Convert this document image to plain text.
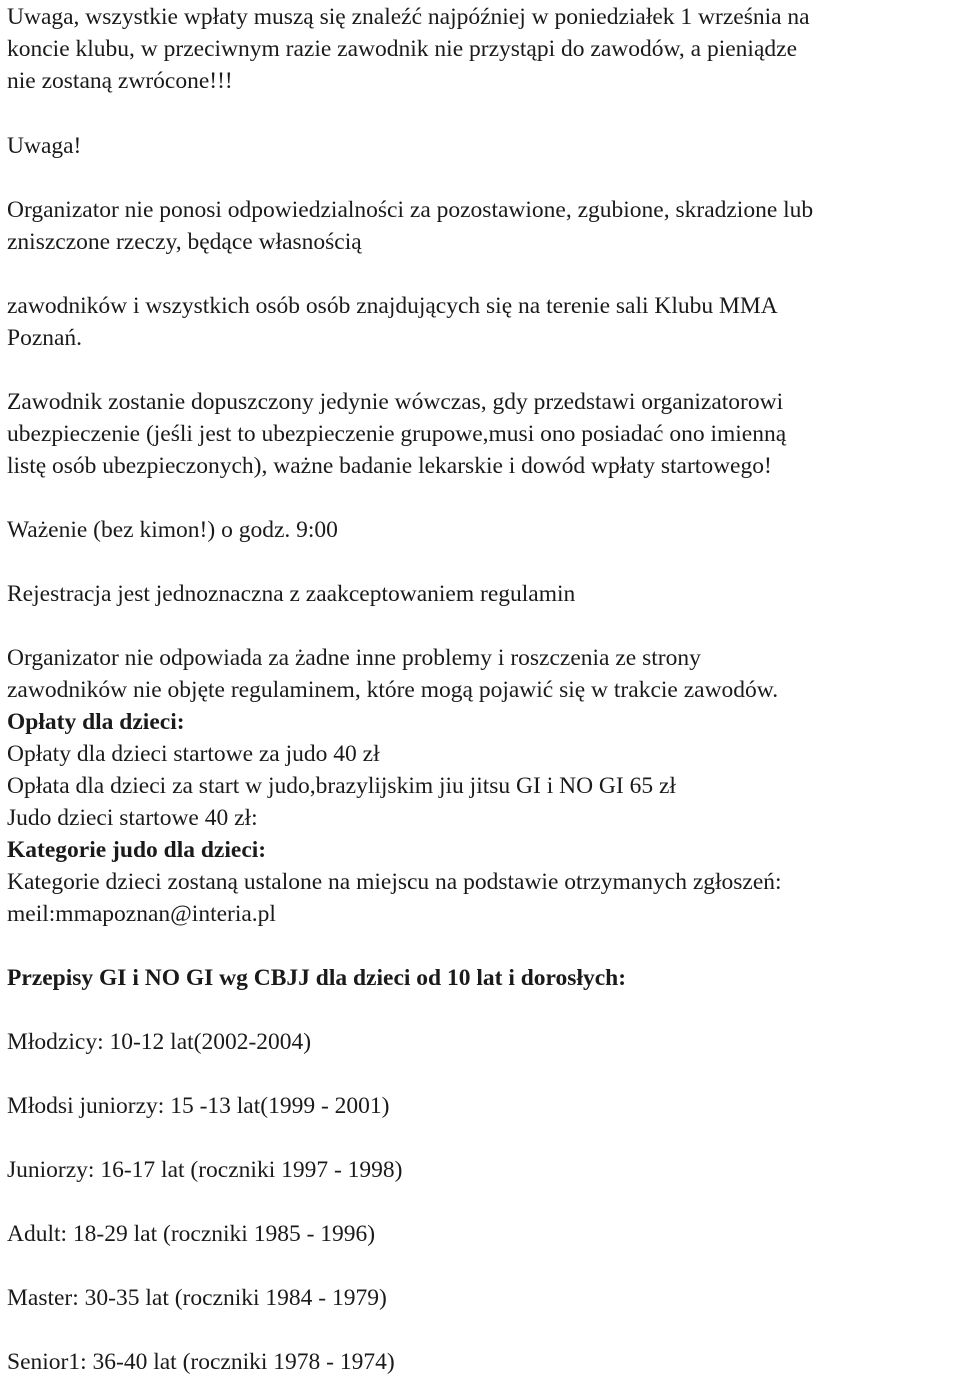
Uwaga, wszystkie wpłaty muszą się znaleźć najpóźniej w poniedziałek 1 września na
koncie klubu, w przeciwnym razie zawodnik nie przystąpi do zawodów, a pieniądze
nie zostaną zwrócone!!!
Uwaga!
Organizator nie ponosi odpowiedzialności za pozostawione, zgubione, skradzione lub
zniszczone rzeczy, będące własnością
zawodników i wszystkich osób osób znajdujących się na terenie sali Klubu MMA
Poznań.
Zawodnik zostanie dopuszczony jedynie wówczas, gdy przedstawi organizatorowi
ubezpieczenie (jeśli jest to ubezpieczenie grupowe,musi ono posiadać ono imienną
listę osób ubezpieczonych), ważne badanie lekarskie i dowód wpłaty startowego!
Ważenie (bez kimon!) o godz. 9:00
Rejestracja jest jednoznaczna z zaakceptowaniem regulamin
Organizator nie odpowiada za żadne inne problemy i roszczenia ze strony
zawodników nie objęte regulaminem, które mogą pojawić się w trakcie zawodów.
Opłaty dla dzieci:
Opłaty dla dzieci startowe za judo 40 zł
Opłata dla dzieci za start w judo,brazylijskim jiu jitsu GI i NO GI 65 zł
Judo dzieci startowe 40 zł:
Kategorie judo dla dzieci:
Kategorie dzieci zostaną ustalone na miejscu na podstawie otrzymanych zgłoszeń:
meil:mmapoznan@interia.pl
Przepisy GI i NO GI wg CBJJ dla dzieci od 10 lat i dorosłych:
Młodzicy: 10-12 lat(2002-2004)
Młodsi juniorzy: 15 -13 lat(1999 - 2001)
Juniorzy: 16-17 lat (roczniki 1997 - 1998)
Adult: 18-29 lat (roczniki 1985 - 1996)
Master: 30-35 lat (roczniki 1984 - 1979)
Senior1: 36-40 lat (roczniki 1978 - 1974)
